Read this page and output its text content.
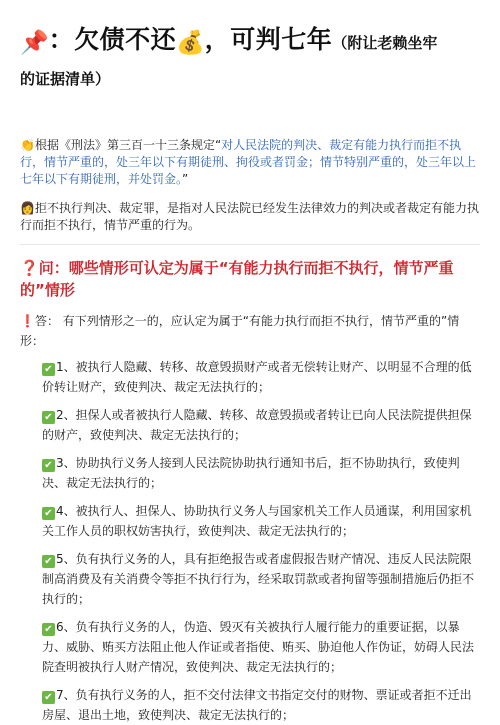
📌：欠债不还💰，可判七年（附让老赖坐牢
的证据清单）

👏根据《刑法》第三百一十三条规定“对人民法院的判决、裁定有能力执行而拒不执行，情节严重的，处三年以下有期徒刑、拘役或者罚金；情节特别严重的，处三年以上七年以下有期徒刑，并处罚金。”

👩拒不执行判决、裁定罪，是指对人民法院已经发生法律效力的判决或者裁定有能力执行而拒不执行，情节严重的行为。

❓问：哪些情形可认定为属于“有能力执行而拒不执行，情节严重的”情形

❗答： 有下列情形之一的，应认定为属于“有能力执行而拒不执行，情节严重的”情形：

✔ 1、被执行人隐藏、转移、故意毁损财产或者无偿转让财产、以明显不合理的低价转让财产，致使判决、裁定无法执行的；
✔ 2、担保人或者被执行人隐藏、转移、故意毁损或者转让已向人民法院提供担保的财产，致使判决、裁定无法执行的；
✔ 3、协助执行义务人接到人民法院协助执行通知书后，拒不协助执行，致使判决、裁定无法执行的；
✔ 4、被执行人、担保人、协助执行义务人与国家机关工作人员通谋，利用国家机关工作人员的职权妨害执行，致使判决、裁定无法执行的；
✔ 5、负有执行义务的人，具有拒绝报告或者虚假报告财产情况、违反人民法院限制高消费及有关消费令等拒不执行行为，经采取罚款或者拘留等强制措施后仍拒不执行的；
✔ 6、负有执行义务的人，伪造、毁灭有关被执行人履行能力的重要证据，以暴力、威胁、贿买方法阻止他人作证或者指使、贿买、胁迫他人作伪证，妨碍人民法院查明被执行人财产情况，致使判决、裁定无法执行的；
✔ 7、负有执行义务的人，拒不交付法律文书指定交付的财物、票证或者拒不迁出房屋、退出土地，致使判决、裁定无法执行的；
